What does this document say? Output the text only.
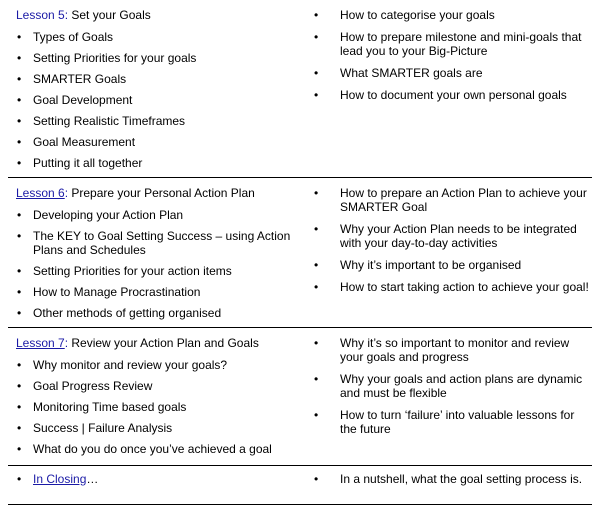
Lesson 5: Set your Goals
• Types of Goals
• Setting Priorities for your goals
• SMARTER Goals
• Goal Development
• Setting Realistic Timeframes
• Goal Measurement
• Putting it all together
• How to categorise your goals
• How to prepare milestone and mini-goals that lead you to your Big-Picture
• What SMARTER goals are
• How to document your own personal goals
Lesson 6: Prepare your Personal Action Plan
• Developing your Action Plan
• The KEY to Goal Setting Success – using Action Plans and Schedules
• Setting Priorities for your action items
• How to Manage Procrastination
• Other methods of getting organised
• How to prepare an Action Plan to achieve your SMARTER Goal
• Why your Action Plan needs to be integrated with your day-to-day activities
• Why it’s important to be organised
• How to start taking action to achieve your goal!
Lesson 7: Review your Action Plan and Goals
• Why monitor and review your goals?
• Goal Progress Review
• Monitoring Time based goals
• Success | Failure Analysis
• What do you do once you’ve achieved a goal
• Why it’s so important to monitor and review your goals and progress
• Why your goals and action plans are dynamic and must be flexible
• How to turn ‘failure’ into valuable lessons for the future
• In Closing…	• In a nutshell, what the goal setting process is.
